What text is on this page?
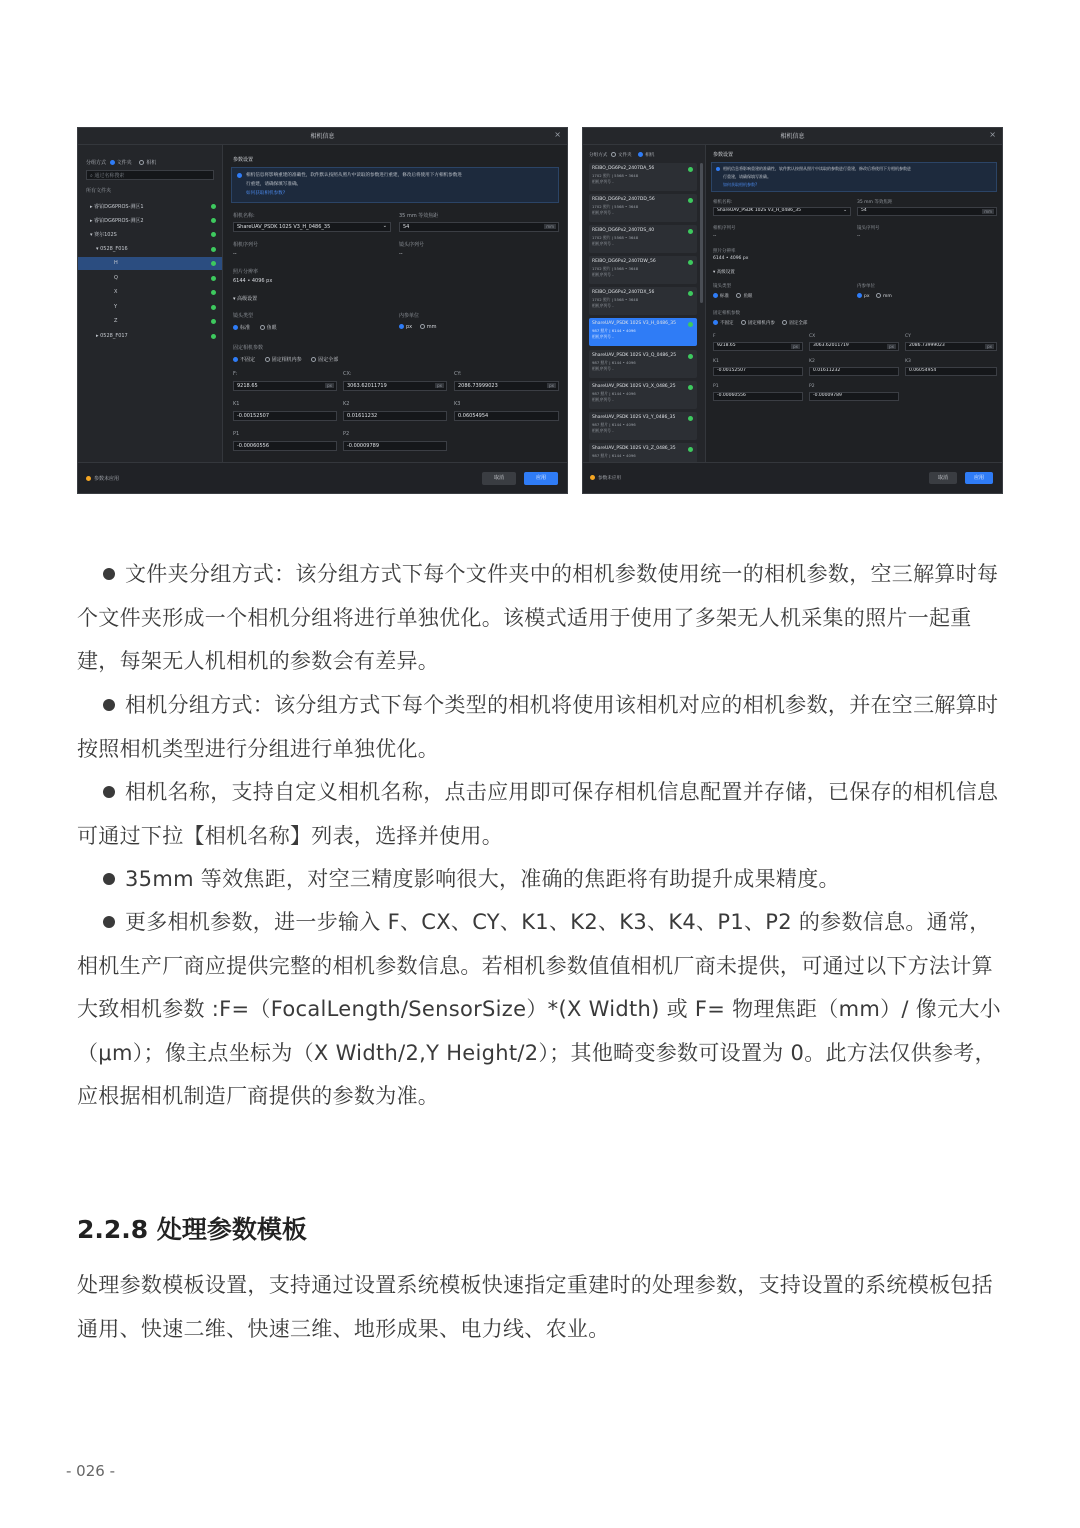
相机信息	×
分组方式 文件夹	相机
⌕ 通过名称搜索
所有文件夹
▸ 睿铂DG6PROS-测区1
▸ 睿铂DG6PROS-测区2
▾ 赛尔102S
▾ 0528_F016
H
Q
X
Y
Z
▸ 0528_F017
参数设置
相机信息将影响重建的准确性，软件默认按照从照片中读取的参数进行重建，修改后将使用下方相机参数进
行重建，请确保填写准确。
如何获取相机参数?
相机名称:
ShareUAV_PSDK 102S V3_H_0486_35	⌄
35 mm 等效焦距
54	mm
相机序列号
--
镜头序列号
--
照片分辨率
6144 • 4096 px
▾ 高级设置
镜头类型
标准	鱼眼
内参单位
px	mm
固定相机参数
不固定	固定相机内参	固定全部
F:
9218.65	px
CX:
3063.62011719	px
CY:
2086.73999023	px
K1
-0.00152507
K2
0.01611232
K3
0.06054954
P1
-0.00060556
P2
-0.00009789
参数未应用	取消	应用
相机信息	×
分组方式 文件夹	相机
REIBO_DG6Px2_2407DA_56
1702 照片 | 5568 • 3648
相机序列号 -
REIBO_DG6Px2_2407DD_56
1702 照片 | 5568 • 3648
相机序列号 -
REIBO_DG6Px2_2407DS_40
1702 照片 | 5568 • 3648
相机序列号 -
REIBO_DG6Px2_2407DW_56
1702 照片 | 5568 • 3648
相机序列号 -
REIBO_DG6Px2_2407DX_56
1702 照片 | 5568 • 3648
相机序列号 -
ShareUAV_PSDK 102S V3_H_0486_35
987 照片 | 6144 • 4096
相机序列号 -
ShareUAV_PSDK 102S V3_Q_0486_25
987 照片 | 6144 • 4096
相机序列号 -
ShareUAV_PSDK 102S V3_X_0486_25
987 照片 | 6144 • 4096
相机序列号 -
ShareUAV_PSDK 102S V3_Y_0486_35
987 照片 | 6144 • 4096
相机序列号 -
ShareUAV_PSDK 102S V3_Z_0486_35
987 照片 | 6144 • 4096
参数设置
相机信息将影响重建的准确性，软件默认按照从照片中读取的参数进行重建，修改后将使用下方相机参数进
行重建，请确保填写准确。
如何获取相机参数?
相机名称:
ShareUAV_PSDK 102S V3_H_0486_35	⌄
35 mm 等效焦距
54	mm
相机序列号
--
镜头序列号
--
照片分辨率
6144 • 4096 px
▾ 高级设置
镜头类型
标准	鱼眼
内参单位
px	mm
固定相机参数
不固定	固定相机内参	固定全部
F
9218.65	px
CX
3063.62011719	px
CY
2086.73999023	px
K1
-0.00152507
K2
0.01611232
K3
0.06054954
P1
-0.00060556
P2
-0.00009789
参数未应用	取消	应用
文件夹分组方式：该分组方式下每个文件夹中的相机参数使用统一的相机参数，空三解算时每个文件夹形成一个相机分组将进行单独优化。该模式适用于使用了多架无人机采集的照片一起重建，每架无人机相机的参数会有差异。
相机分组方式：该分组方式下每个类型的相机将使用该相机对应的相机参数，并在空三解算时按照相机类型进行分组进行单独优化。
相机名称，支持自定义相机名称，点击应用即可保存相机信息配置并存储，已保存的相机信息可通过下拉【相机名称】列表，选择并使用。
35mm 等效焦距，对空三精度影响很大，准确的焦距将有助提升成果精度。
更多相机参数，进一步输入 F、CX、CY、K1、K2、K3、K4、P1、P2 的参数信息。通常，相机生产厂商应提供完整的相机参数信息。若相机参数值值相机厂商未提供，可通过以下方法计算大致相机参数 :F=（FocalLength/SensorSize）*(X Width) 或 F= 物理焦距（mm）/ 像元大小（μm）；像主点坐标为（X Width/2,Y Height/2）；其他畸变参数可设置为 0。此方法仅供参考，应根据相机制造厂商提供的参数为准。
2.2.8 处理参数模板
处理参数模板设置，支持通过设置系统模板快速指定重建时的处理参数，支持设置的系统模板包括通用、快速二维、快速三维、地形成果、电力线、农业。
- 026 -
